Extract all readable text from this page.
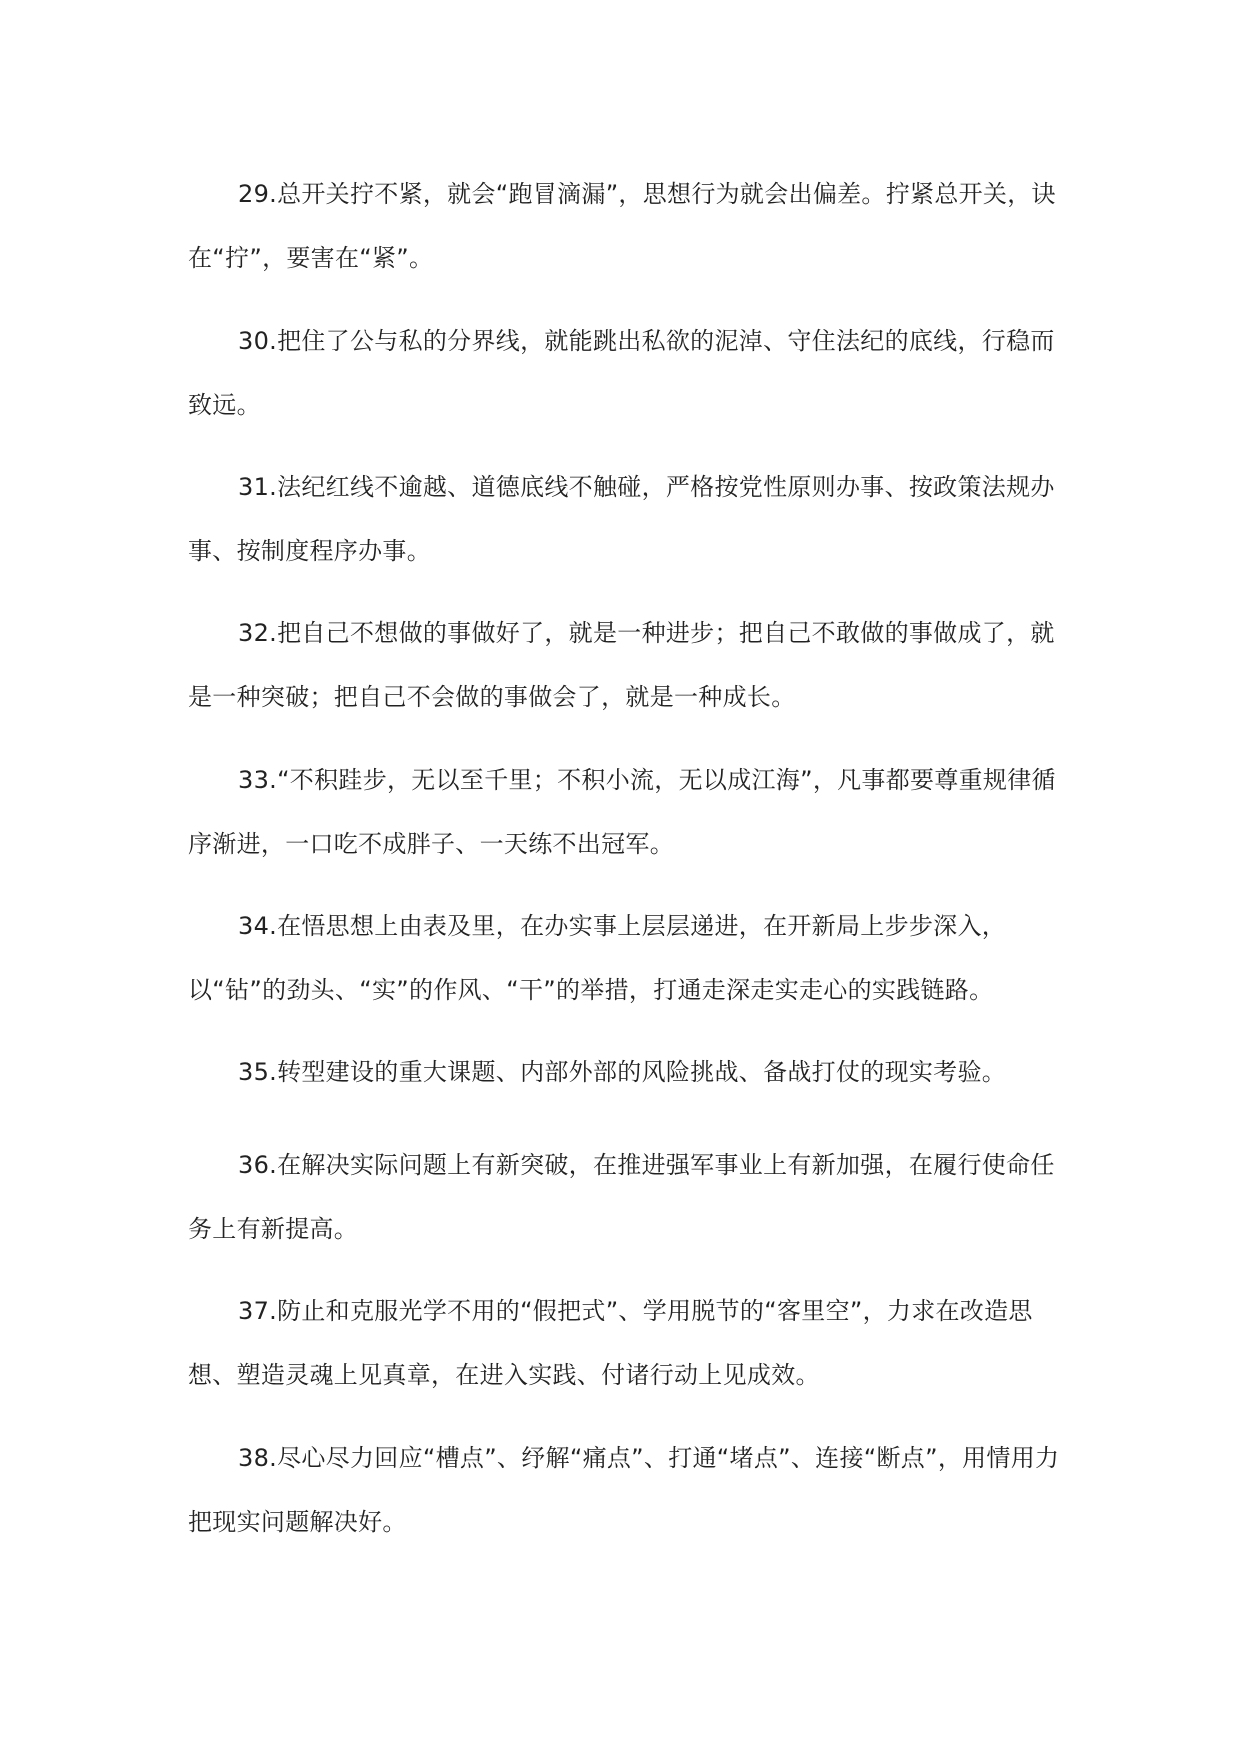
29.总开关拧不紧，就会“跑冒滴漏”，思想行为就会出偏差。拧紧总开关，诀在“拧”，要害在“紧”。

30.把住了公与私的分界线，就能跳出私欲的泥淖、守住法纪的底线，行稳而致远。

31.法纪红线不逾越、道德底线不触碰，严格按党性原则办事、按政策法规办事、按制度程序办事。

32.把自己不想做的事做好了，就是一种进步；把自己不敢做的事做成了，就是一种突破；把自己不会做的事做会了，就是一种成长。

33.“不积跬步，无以至千里；不积小流，无以成江海”，凡事都要尊重规律循序渐进，一口吃不成胖子、一天练不出冠军。

34.在悟思想上由表及里，在办实事上层层递进，在开新局上步步深入，以“钻”的劲头、“实”的作风、“干”的举措，打通走深走实走心的实践链路。

35.转型建设的重大课题、内部外部的风险挑战、备战打仗的现实考验。

36.在解决实际问题上有新突破，在推进强军事业上有新加强，在履行使命任务上有新提高。

37.防止和克服光学不用的“假把式”、学用脱节的“客里空”，力求在改造思想、塑造灵魂上见真章，在进入实践、付诸行动上见成效。

38.尽心尽力回应“槽点”、纾解“痛点”、打通“堵点”、连接“断点”，用情用力把现实问题解决好。
